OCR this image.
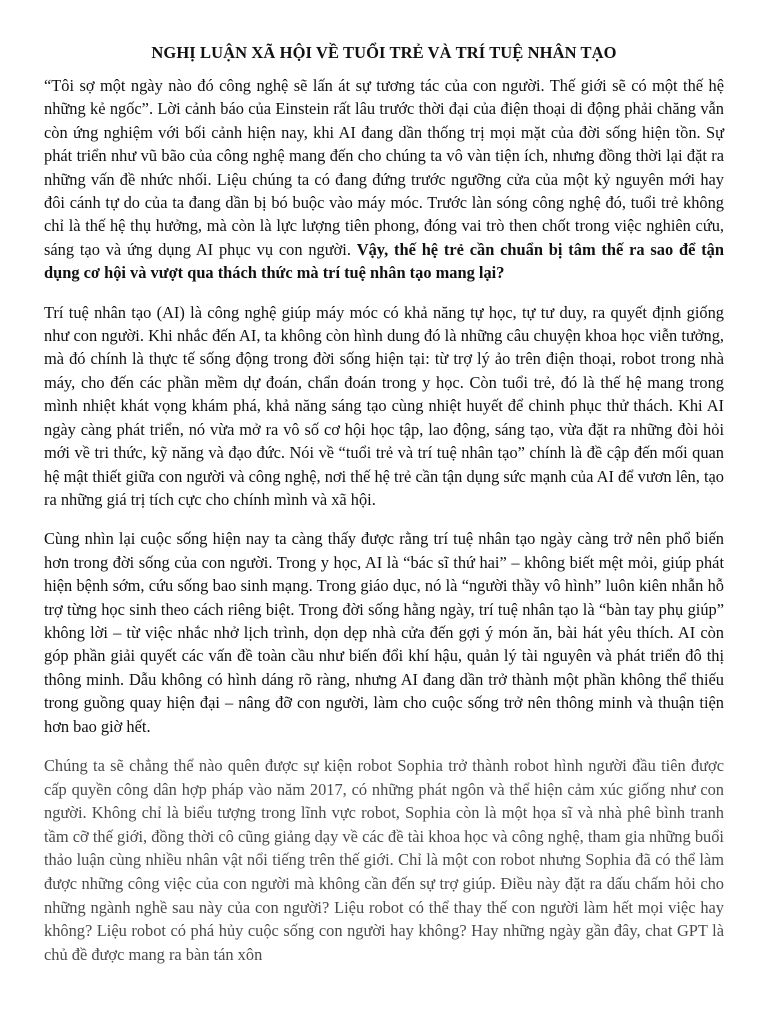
NGHỊ LUẬN XÃ HỘI VỀ TUỔI TRẺ VÀ TRÍ TUỆ NHÂN TẠO

“Tôi sợ một ngày nào đó công nghệ sẽ lấn át sự tương tác của con người. Thế giới sẽ có một thế hệ những kẻ ngốc”. Lời cảnh báo của Einstein rất lâu trước thời đại của điện thoại di động phải chăng vẫn còn ứng nghiệm với bối cảnh hiện nay, khi AI đang dần thống trị mọi mặt của đời sống hiện tồn. Sự phát triển như vũ bão của công nghệ mang đến cho chúng ta vô vàn tiện ích, nhưng đồng thời lại đặt ra những vấn đề nhức nhối. Liệu chúng ta có đang đứng trước ngưỡng cửa của một kỷ nguyên mới hay đôi cánh tự do của ta đang dần bị bó buộc vào máy móc. Trước làn sóng công nghệ đó, tuổi trẻ không chỉ là thế hệ thụ hưởng, mà còn là lực lượng tiên phong, đóng vai trò then chốt trong việc nghiên cứu, sáng tạo và ứng dụng AI phục vụ con người. Vậy, thế hệ trẻ cần chuẩn bị tâm thế ra sao để tận dụng cơ hội và vượt qua thách thức mà trí tuệ nhân tạo mang lại?

Trí tuệ nhân tạo (AI) là công nghệ giúp máy móc có khả năng tự học, tự tư duy, ra quyết định giống như con người. Khi nhắc đến AI, ta không còn hình dung đó là những câu chuyện khoa học viễn tưởng, mà đó chính là thực tế sống động trong đời sống hiện tại: từ trợ lý ảo trên điện thoại, robot trong nhà máy, cho đến các phần mềm dự đoán, chẩn đoán trong y học. Còn tuổi trẻ, đó là thế hệ mang trong mình nhiệt khát vọng khám phá, khả năng sáng tạo cùng nhiệt huyết để chinh phục thử thách. Khi AI ngày càng phát triển, nó vừa mở ra vô số cơ hội học tập, lao động, sáng tạo, vừa đặt ra những đòi hỏi mới về tri thức, kỹ năng và đạo đức. Nói về “tuổi trẻ và trí tuệ nhân tạo” chính là đề cập đến mối quan hệ mật thiết giữa con người và công nghệ, nơi thế hệ trẻ cần tận dụng sức mạnh của AI để vươn lên, tạo ra những giá trị tích cực cho chính mình và xã hội.

Cùng nhìn lại cuộc sống hiện nay ta càng thấy được rằng trí tuệ nhân tạo ngày càng trở nên phổ biến hơn trong đời sống của con người. Trong y học, AI là “bác sĩ thứ hai” – không biết mệt mỏi, giúp phát hiện bệnh sớm, cứu sống bao sinh mạng. Trong giáo dục, nó là “người thầy vô hình” luôn kiên nhẫn hỗ trợ từng học sinh theo cách riêng biệt. Trong đời sống hằng ngày, trí tuệ nhân tạo là “bàn tay phụ giúp” không lời – từ việc nhắc nhở lịch trình, dọn dẹp nhà cửa đến gợi ý món ăn, bài hát yêu thích. AI còn góp phần giải quyết các vấn đề toàn cầu như biến đổi khí hậu, quản lý tài nguyên và phát triển đô thị thông minh. Dẫu không có hình dáng rõ ràng, nhưng AI đang dần trở thành một phần không thể thiếu trong guồng quay hiện đại – nâng đỡ con người, làm cho cuộc sống trở nên thông minh và thuận tiện hơn bao giờ hết.

Chúng ta sẽ chẳng thể nào quên được sự kiện robot Sophia trở thành robot hình người đầu tiên được cấp quyền công dân hợp pháp vào năm 2017, có những phát ngôn và thể hiện cảm xúc giống như con người. Không chỉ là biểu tượng trong lĩnh vực robot, Sophia còn là một họa sĩ và nhà phê bình tranh tầm cỡ thế giới, đồng thời cô cũng giảng dạy về các đề tài khoa học và công nghệ, tham gia những buổi thảo luận cùng nhiều nhân vật nổi tiếng trên thế giới. Chỉ là một con robot nhưng Sophia đã có thể làm được những công việc của con người mà không cần đến sự trợ giúp. Điều này đặt ra dấu chấm hỏi cho những ngành nghề sau này của con người? Liệu robot có thể thay thế con người làm hết mọi việc hay không? Liệu robot có phá hủy cuộc sống con người hay không? Hay những ngày gần đây, chat GPT là chủ đề được mang ra bàn tán xôn
